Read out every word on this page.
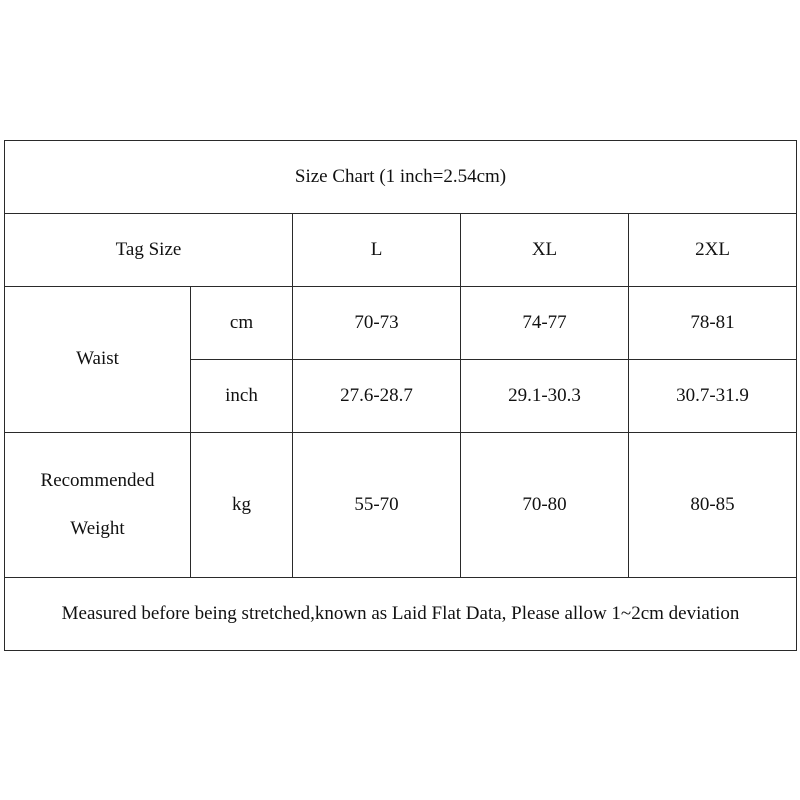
Size Chart (1 inch=2.54cm)				
Tag Size		L	XL	2XL
Waist	cm	70-73	74-77	78-81
	inch	27.6-28.7	29.1-30.3	30.7-31.9
Recommended
Weight	kg	55-70	70-80	80-85
Measured before being stretched,known as Laid Flat Data, Please allow 1~2cm deviation				
